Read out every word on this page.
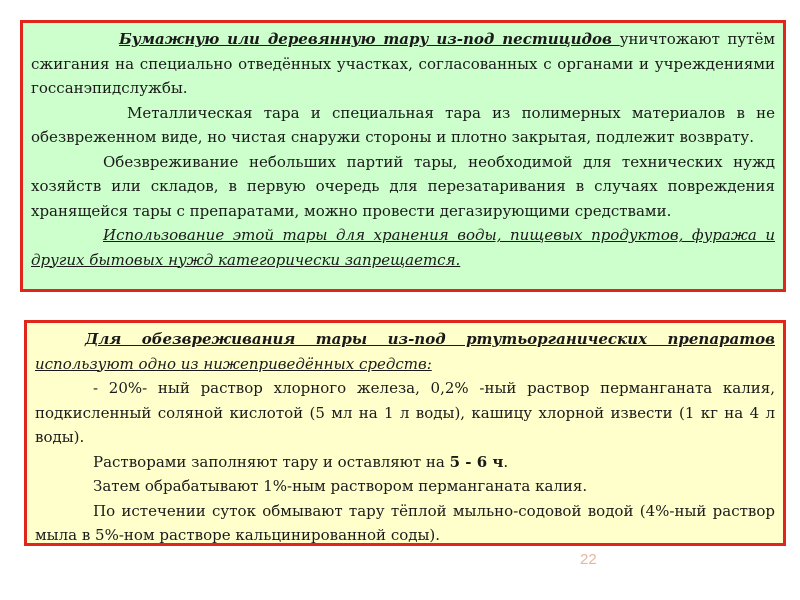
Бумажную или деревянную тару из-под пестицидов уничтожают путём сжигания на специально отведённых участках, согласованных с органами и учреждениями госсанэпидслужбы.

Металлическая тара и специальная тара из полимерных материалов в не обезвреженном виде, но чистая снаружи стороны и плотно закрытая, подлежит возврату.

Обезвреживание небольших партий тары, необходимой для технических нужд хозяйств или складов, в первую очередь для перезатаривания в случаях повреждения хранящейся тары с препаратами, можно провести дегазирующими средствами.

Использование этой тары для хранения воды, пищевых продуктов, фуража и других бытовых нужд категорически запрещается.

Для обезвреживания тары из-под ртутьорганических препаратов используют одно из нижеприведённых средств:

- 20%- ный раствор хлорного железа, 0,2% -ный раствор перманганата калия, подкисленный соляной кислотой (5 мл на 1 л воды), кашицу хлорной извести (1 кг на 4 л воды).

Растворами заполняют тару и оставляют на 5 - 6 ч.

Затем обрабатывают 1%-ным раствором перманганата калия.

По истечении суток обмывают тару тёплой мыльно-содовой водой (4%-ный раствор мыла в 5%-ном растворе кальцинированной соды).

22
